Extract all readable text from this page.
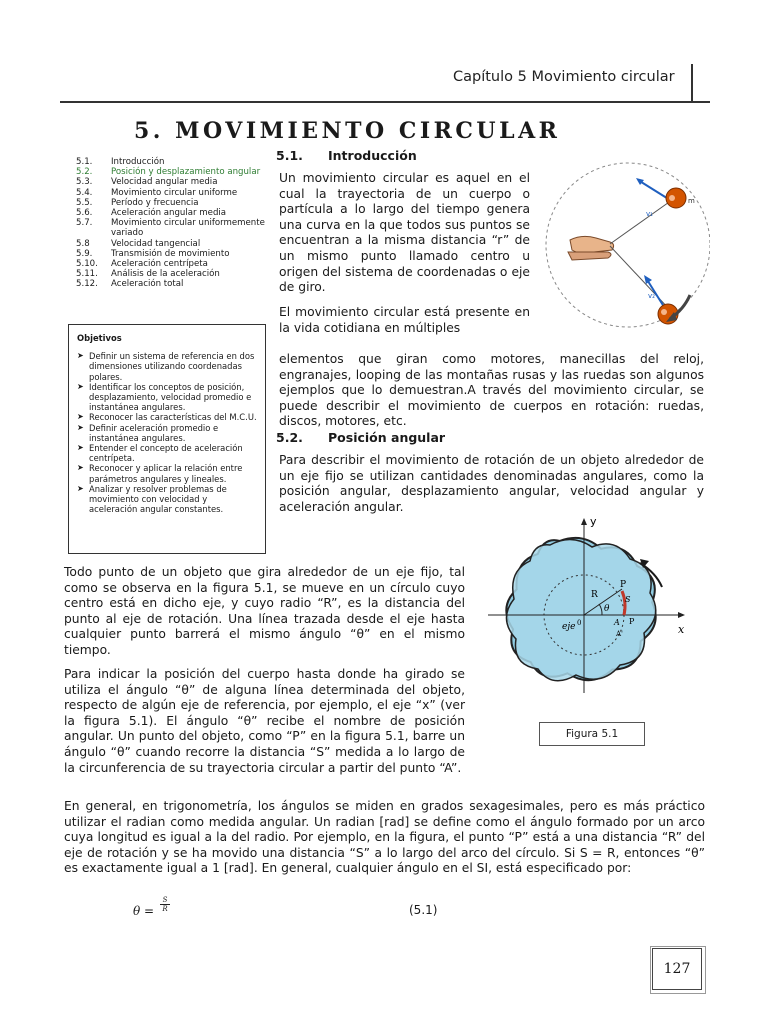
Capítulo 5 Movimiento circular
5. MOVIMIENTO CIRCULAR
5.1.	Introducción
5.2.	Posición y desplazamiento angular
5.3.	Velocidad angular media
5.4.	Movimiento circular uniforme
5.5.	Período y frecuencia
5.6.	Aceleración angular media
5.7.	Movimiento circular uniformemente variado
5.8	Velocidad tangencial
5.9.	Transmisión de movimiento
5.10.	Aceleración centrípeta
5.11.	Análisis de la aceleración
5.12.	Aceleración total
Objetivos
➤ Definir un sistema de referencia en dos dimensiones utilizando coordenadas polares.
➤ Identificar los conceptos de posición, desplazamiento, velocidad promedio e instantánea angulares.
➤ Reconocer las características del M.C.U.
➤ Definir aceleración promedio e instantánea angulares.
➤ Entender el concepto de aceleración centrípeta.
➤ Reconocer y aplicar la relación entre parámetros angulares y lineales.
➤ Analizar y resolver problemas de movimiento con velocidad y aceleración angular constantes.
5.1. Introducción
Un movimiento circular es aquel en el cual la trayectoria de un cuerpo o partícula a lo largo del tiempo genera una curva en la que todos sus puntos se encuentran a la misma distancia “r” de un mismo punto llamado centro u origen del sistema de coordenadas o eje de giro.
El movimiento circular está presente en la vida cotidiana en múltiples
elementos que giran como motores, manecillas del reloj, engranajes, looping de las montañas rusas y las ruedas son algunos ejemplos que lo demuestran.A través del movimiento circular, se puede describir el movimiento de cuerpos en rotación: ruedas, discos, motores, etc.
v₁
v₂
m
5.2. Posición angular
Para describir el movimiento de rotación de un objeto alrededor de un eje fijo se utilizan cantidades denominadas angulares, como la posición angular, desplazamiento angular, velocidad angular y aceleración angular.
Todo punto de un objeto que gira alrededor de un eje fijo, tal como se observa en la figura 5.1, se mueve en un círculo cuyo centro está en dicho eje, y cuyo radio “R”, es la distancia del punto al eje de rotación. Una línea trazada desde el eje hasta cualquier punto barrerá el mismo ángulo “θ” en el mismo tiempo.
Para indicar la posición del cuerpo hasta donde ha girado se utiliza el ángulo “θ” de alguna línea determinada del objeto, respecto de algún eje de referencia, por ejemplo, el eje “x” (ver la figura 5.1). El ángulo “θ” recibe el nombre de posición angular. Un punto del objeto, como “P” en la figura 5.1, barre un ángulo “θ” cuando recorre la distancia “S” medida a lo largo de la circunferencia de su trayectoria circular a partir del punto “A”.
En general, en trigonometría, los ángulos se miden en grados sexagesimales, pero es más práctico utilizar el radian como medida angular. Un radian [rad] se define como el ángulo formado por un arco cuya longitud es igual a la del radio. Por ejemplo, en la figura, el punto “P” está a una distancia “R” del eje de rotación y se ha movido una distancia “S” a lo largo del arco del círculo. Si S = R, entonces “θ” es exactamente igual a 1 [rad]. En general, cualquier ángulo en el SI, está especificado por:
y
x
R
θ
eje
P
P
A
A'
S
0
Figura 5.1
$\theta = \frac{S}{R}$	(5.1)
127
